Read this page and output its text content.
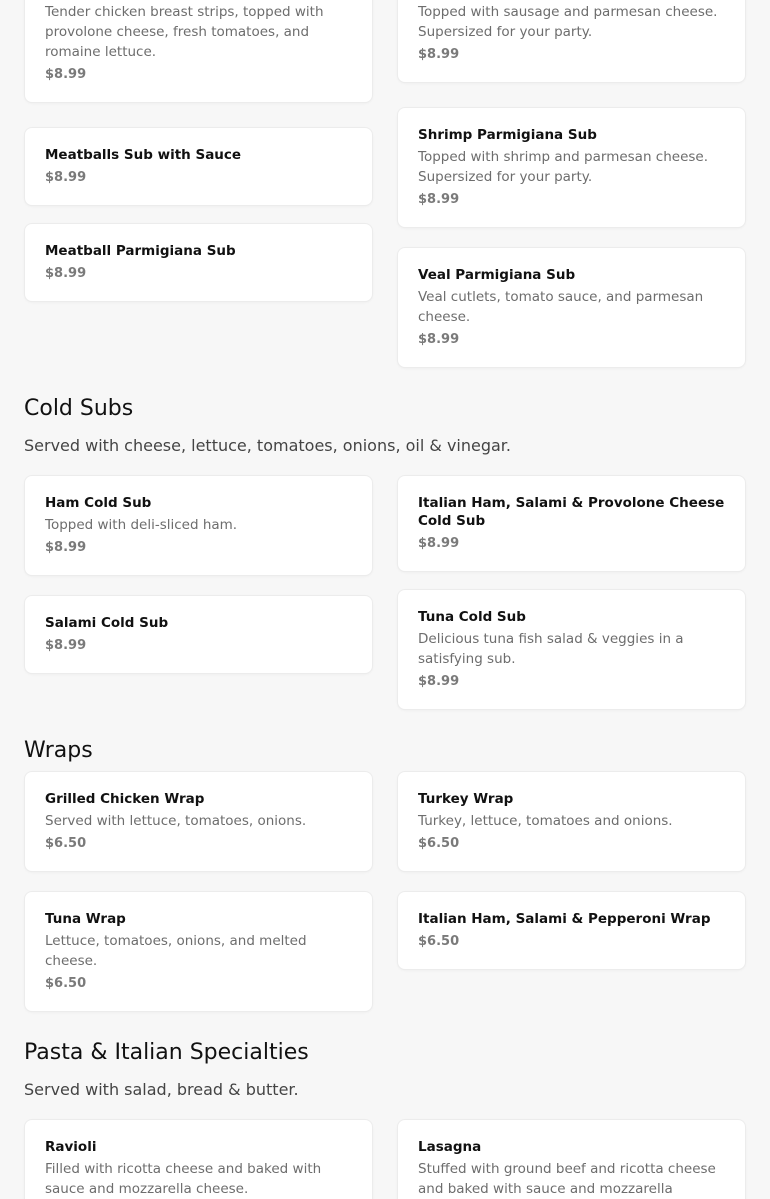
Tender chicken breast strips, topped with provolone cheese, fresh tomatoes, and romaine lettuce.
$8.99
Meatballs Sub with Sauce
$8.99
Meatball Parmigiana Sub
$8.99
Topped with sausage and parmesan cheese. Supersized for your party.
$8.99
Shrimp Parmigiana Sub
Topped with shrimp and parmesan cheese. Supersized for your party.
$8.99
Veal Parmigiana Sub
Veal cutlets, tomato sauce, and parmesan cheese.
$8.99
Cold Subs
Served with cheese, lettuce, tomatoes, onions, oil & vinegar.
Ham Cold Sub
Topped with deli-sliced ham.
$8.99
Salami Cold Sub
$8.99
Italian Ham, Salami & Provolone Cheese Cold Sub
$8.99
Tuna Cold Sub
Delicious tuna fish salad & veggies in a satisfying sub.
$8.99
Wraps
Grilled Chicken Wrap
Served with lettuce, tomatoes, onions.
$6.50
Tuna Wrap
Lettuce, tomatoes, onions, and melted cheese.
$6.50
Turkey Wrap
Turkey, lettuce, tomatoes and onions.
$6.50
Italian Ham, Salami & Pepperoni Wrap
$6.50
Pasta & Italian Specialties
Served with salad, bread & butter.
Ravioli
Filled with ricotta cheese and baked with sauce and mozzarella cheese.
Lasagna
Stuffed with ground beef and ricotta cheese and baked with sauce and mozzarella
